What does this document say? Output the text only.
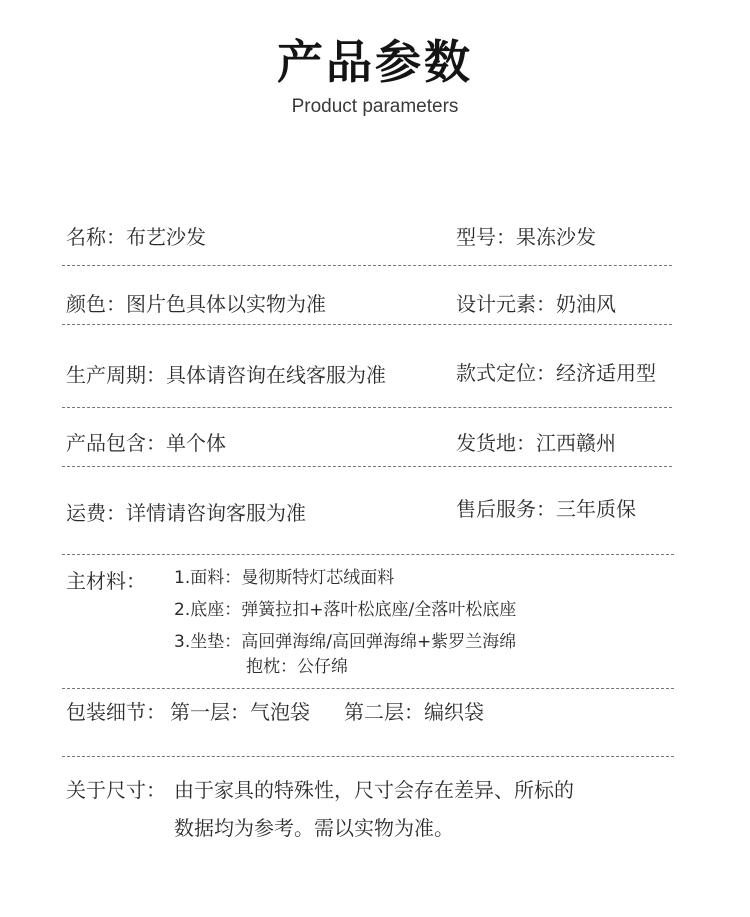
产品参数
Product parameters
名称：布艺沙发	型号：果冻沙发
颜色：图片色具体以实物为准	设计元素：奶油风
生产周期：具体请咨询在线客服为准	款式定位：经济适用型
产品包含：单个体	发货地：江西赣州
运费：详情请咨询客服为准	售后服务：三年质保
主材料： 1.面料：曼彻斯特灯芯绒面料
2.底座：弹簧拉扣+落叶松底座/全落叶松底座
3.坐垫：高回弹海绵/高回弹海绵+紫罗兰海绵
抱枕：公仔绵
包装细节： 第一层：气泡袋 第二层：编织袋
关于尺寸： 由于家具的特殊性，尺寸会存在差异、所标的
数据均为参考。需以实物为准。
